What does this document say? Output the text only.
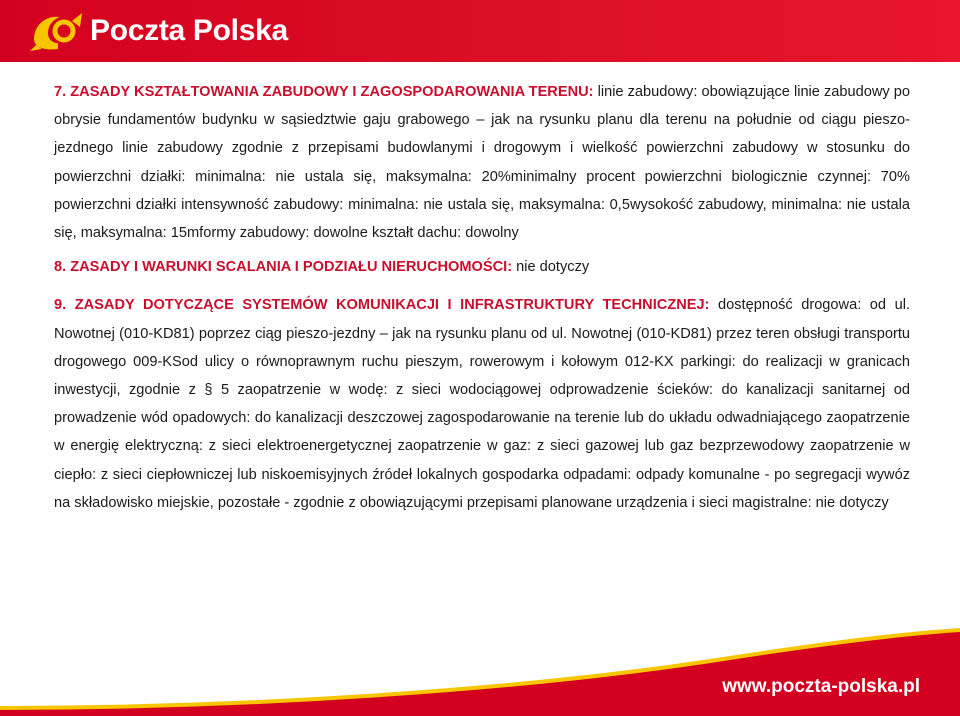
Poczta Polska

7. ZASADY KSZTAŁTOWANIA ZABUDOWY I ZAGOSPODAROWANIA TERENU: linie zabudowy: obowiązujące linie zabudowy po obrysie fundamentów budynku w sąsiedztwie gaju grabowego – jak na rysunku planu dla terenu na południe od ciągu pieszo-jezdnego linie zabudowy zgodnie z przepisami budowlanymi i drogowym i wielkość powierzchni zabudowy w stosunku do powierzchni działki: minimalna: nie ustala się, maksymalna: 20%minimalny procent powierzchni biologicznie czynnej: 70% powierzchni działki intensywność zabudowy: minimalna: nie ustala się, maksymalna: 0,5wysokość zabudowy, minimalna: nie ustala się, maksymalna: 15mformy zabudowy: dowolne kształt dachu: dowolny

8. ZASADY I WARUNKI SCALANIA I PODZIAŁU NIERUCHOMOŚCI: nie dotyczy

9. ZASADY DOTYCZĄCE SYSTEMÓW KOMUNIKACJI I INFRASTRUKTURY TECHNICZNEJ: dostępność drogowa: od ul. Nowotnej (010-KD81) poprzez ciąg pieszo-jezdny – jak na rysunku planu od ul. Nowotnej (010-KD81) przez teren obsługi transportu drogowego 009-KSod ulicy o równoprawnym ruchu pieszym, rowerowym i kołowym 012-KX parkingi: do realizacji w granicach inwestycji, zgodnie z § 5 zaopatrzenie w wodę: z sieci wodociągowej odprowadzenie ścieków: do kanalizacji sanitarnej od prowadzenie wód opadowych: do kanalizacji deszczowej zagospodarowanie na terenie lub do układu odwadniającego zaopatrzenie w energię elektryczną: z sieci elektroenergetycznej zaopatrzenie w gaz: z sieci gazowej lub gaz bezprzewodowy zaopatrzenie w ciepło: z sieci ciepłowniczej lub niskoemisyjnych źródeł lokalnych gospodarka odpadami: odpady komunalne - po segregacji wywóz na składowisko miejskie, pozostałe - zgodnie z obowiązującymi przepisami planowane urządzenia i sieci magistralne: nie dotyczy

www.poczta-polska.pl
